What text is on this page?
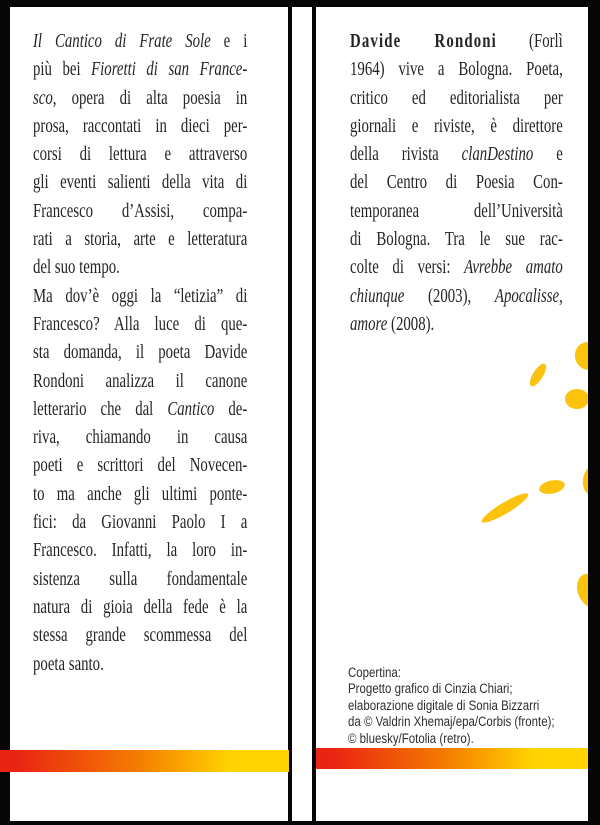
Il Cantico di Frate Sole e i
più bei Fioretti di san France-
sco, opera di alta poesia in
prosa, raccontati in dieci per-
corsi di lettura e attraverso
gli eventi salienti della vita di
Francesco d’Assisi, compa-
rati a storia, arte e letteratura
del suo tempo.
Ma dov’è oggi la “letizia” di
Francesco? Alla luce di que-
sta domanda, il poeta Davide
Rondoni analizza il canone
letterario che dal Cantico de-
riva, chiamando in causa
poeti e scrittori del Novecen-
to ma anche gli ultimi ponte-
fici: da Giovanni Paolo I a
Francesco. Infatti, la loro in-
sistenza sulla fondamentale
natura di gioia della fede è la
stessa grande scommessa del
poeta santo.
Davide Rondoni (Forlì
1964) vive a Bologna. Poeta,
critico ed editorialista per
giornali e riviste, è direttore
della rivista clanDestino e
del Centro di Poesia Con-
temporanea dell’Università
di Bologna. Tra le sue rac-
colte di versi: Avrebbe amato
chiunque (2003), Apocalisse,
amore (2008).
Copertina:
Progetto grafico di Cinzia Chiari;
elaborazione digitale di Sonia Bizzarri
da © Valdrin Xhemaj/epa/Corbis (fronte);
© bluesky/Fotolia (retro).
